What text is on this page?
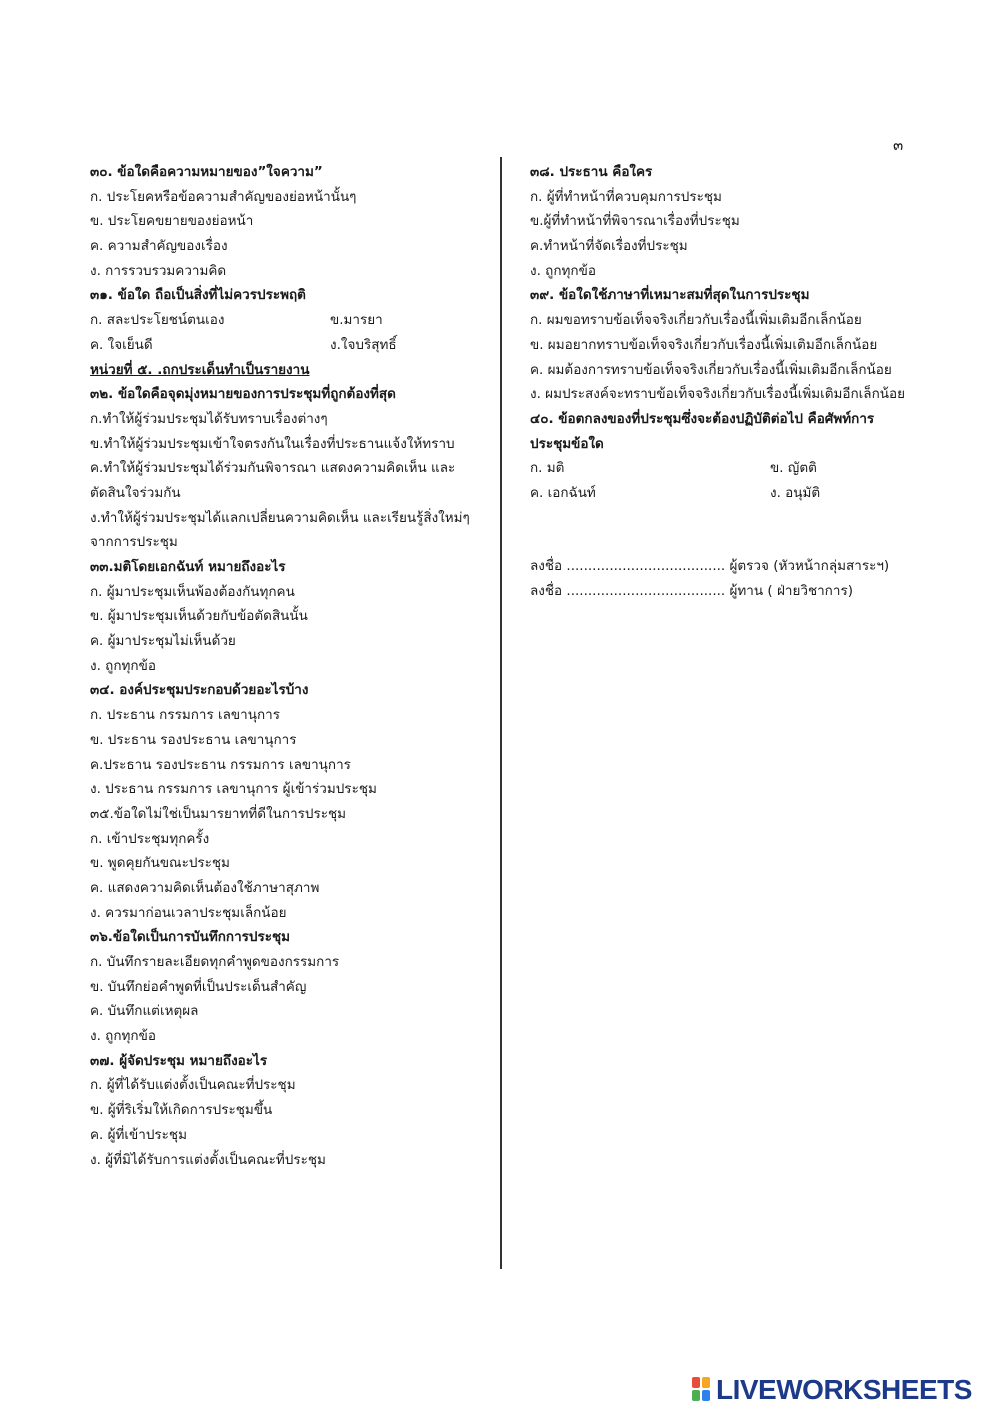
๓
๓๐. ข้อใดคือความหมายของ”ใจความ”
ก. ประโยคหรือข้อความสำคัญของย่อหน้านั้นๆ
ข. ประโยคขยายของย่อหน้า
ค. ความสำคัญของเรื่อง
ง. การรวบรวมความคิด
๓๑. ข้อใด ถือเป็นสิ่งที่ไม่ควรประพฤติ
ก. สละประโยชน์ตนเอง	ข.มารยา
ค. ใจเย็นดี	ง.ใจบริสุทธิ์
หน่วยที่ ๕. .ถกประเด็นทำเป็นรายงาน
๓๒. ข้อใดคือจุดมุ่งหมายของการประชุมที่ถูกต้องที่สุด
ก.ทำให้ผู้ร่วมประชุมได้รับทราบเรื่องต่างๆ
ข.ทำให้ผู้ร่วมประชุมเข้าใจตรงกันในเรื่องที่ประธานแจ้งให้ทราบ
ค.ทำให้ผู้ร่วมประชุมได้ร่วมกันพิจารณา แสดงความคิดเห็น และ
ตัดสินใจร่วมกัน
ง.ทำให้ผู้ร่วมประชุมได้แลกเปลี่ยนความคิดเห็น และเรียนรู้สิ่งใหม่ๆ
จากการประชุม
๓๓.มติโดยเอกฉันท์ หมายถึงอะไร
ก. ผู้มาประชุมเห็นพ้องต้องกันทุกคน
ข. ผู้มาประชุมเห็นด้วยกับข้อตัดสินนั้น
ค. ผู้มาประชุมไม่เห็นด้วย
ง. ถูกทุกข้อ
๓๔. องค์ประชุมประกอบด้วยอะไรบ้าง
ก. ประธาน กรรมการ เลขานุการ
ข. ประธาน รองประธาน เลขานุการ
ค.ประธาน รองประธาน กรรมการ เลขานุการ
ง. ประธาน กรรมการ เลขานุการ ผู้เข้าร่วมประชุม
๓๕.ข้อใดไม่ใช่เป็นมารยาทที่ดีในการประชุม
ก. เข้าประชุมทุกครั้ง
ข. พูดคุยกันขณะประชุม
ค. แสดงความคิดเห็นต้องใช้ภาษาสุภาพ
ง. ควรมาก่อนเวลาประชุมเล็กน้อย
๓๖.ข้อใดเป็นการบันทึกการประชุม
ก. บันทึกรายละเอียดทุกคำพูดของกรรมการ
ข. บันทึกย่อคำพูดที่เป็นประเด็นสำคัญ
ค. บันทึกแต่เหตุผล
ง. ถูกทุกข้อ
๓๗. ผู้จัดประชุม หมายถึงอะไร
ก. ผู้ที่ได้รับแต่งตั้งเป็นคณะที่ประชุม
ข. ผู้ที่ริเริ่มให้เกิดการประชุมขึ้น
ค. ผู้ที่เข้าประชุม
ง. ผู้ที่มิได้รับการแต่งตั้งเป็นคณะที่ประชุม
๓๘. ประธาน คือใคร
ก. ผู้ที่ทำหน้าที่ควบคุมการประชุม
ข.ผู้ที่ทำหน้าที่พิจารณาเรื่องที่ประชุม
ค.ทำหน้าที่จัดเรื่องที่ประชุม
ง. ถูกทุกข้อ
๓๙. ข้อใดใช้ภาษาที่เหมาะสมที่สุดในการประชุม
ก. ผมขอทราบข้อเท็จจริงเกี่ยวกับเรื่องนี้เพิ่มเติมอีกเล็กน้อย
ข. ผมอยากทราบข้อเท็จจริงเกี่ยวกับเรื่องนี้เพิ่มเติมอีกเล็กน้อย
ค. ผมต้องการทราบข้อเท็จจริงเกี่ยวกับเรื่องนี้เพิ่มเติมอีกเล็กน้อย
ง. ผมประสงค์จะทราบข้อเท็จจริงเกี่ยวกับเรื่องนี้เพิ่มเติมอีกเล็กน้อย
๔๐. ข้อตกลงของที่ประชุมซึ่งจะต้องปฏิบัติต่อไป คือศัพท์การ
ประชุมข้อใด
ก. มติ	ข. ญัตติ
ค. เอกฉันท์	ง. อนุมัติ
ลงชื่อ ..................................... ผู้ตรวจ (หัวหน้ากลุ่มสาระฯ)
ลงชื่อ ..................................... ผู้ทาน ( ฝ่ายวิชาการ)
LIVEWORKSHEETS
